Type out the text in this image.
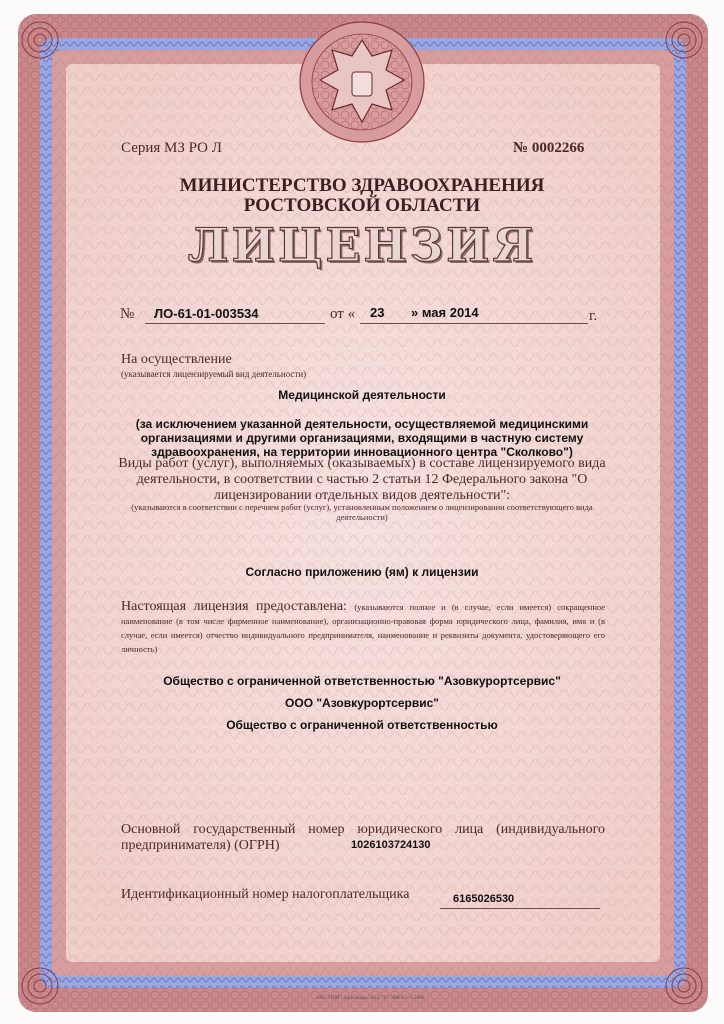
Серия МЗ РО Л	№ 0002266
МИНИСТЕРСТВО ЗДРАВООХРАНЕНИЯ
РОСТОВСКОЙ ОБЛАСТИ
ЛИЦЕНЗИЯ
№ ЛО-61-01-003534	от « 23 » мая 2014	г.
На осуществление
(указывается лицензируемый вид деятельности)
Медицинской деятельности
(за исключением указанной деятельности, осуществляемой медицинскими организациями и другими организациями, входящими в частную систему здравоохранения, на территории инновационного центра "Сколково")
Виды работ (услуг), выполняемых (оказываемых) в составе лицензируемого вида деятельности, в соответствии с частью 2 статьи 12 Федерального закона "О лицензировании отдельных видов деятельности":
(указываются в соответствии с перечнем работ (услуг), установленным положением о лицензировании соответствующего вида деятельности)
Согласно приложению (ям) к лицензии
Настоящая лицензия предоставлена: (указываются полное и (в случае, если имеется) сокращенное наименование (в том числе фирменное наименование), организационно-правовая форма юридического лица, фамилия, имя и (в случае, если имеется) отчество индивидуального предпринимателя, наименование и реквизиты документа, удостоверяющего его личность)
Общество с ограниченной ответственностью "Азовкурортсервис"
ООО "Азовкурортсервис"
Общество с ограниченной ответственностью
Основной государственный номер юридического лица (индивидуального предпринимателя) (ОГРН)	1026103724130
Идентификационный номер налогоплательщика	6165026530
ЗАО "ОПИ", Краснодар, 2012, "Б", ЗВК№?, т. 2000
